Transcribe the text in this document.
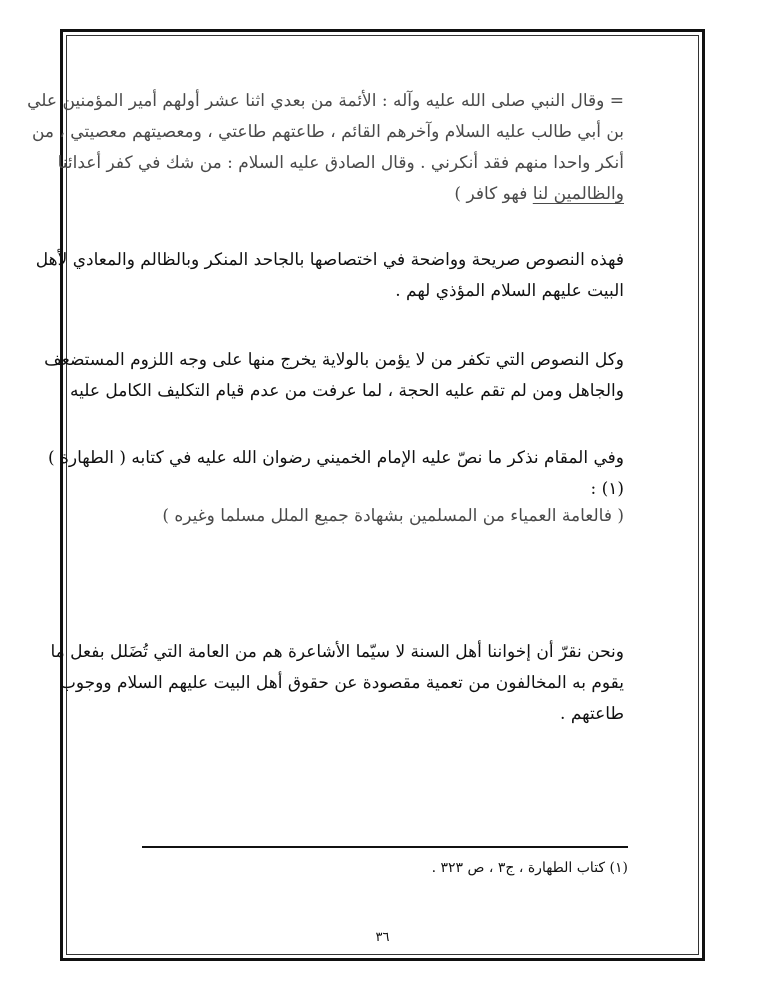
= وقال النبي صلى الله عليه وآله : الأئمة من بعدي اثنا عشر أولهم أمير المؤمنين علي
بن أبي طالب عليه السلام وآخرهم القائم ، طاعتهم طاعتي ، ومعصيتهم معصيتي ، من
أنكر واحدا منهم فقد أنكرني . وقال الصادق عليه السلام : من شك في كفر أعدائنا
والظالمين لنا فهو كافر )
فهذه النصوص صريحة وواضحة في اختصاصها بالجاحد المنكر وبالظالم والمعادي لأهل
البيت عليهم السلام المؤذي لهم .
وكل النصوص التي تكفر من لا يؤمن بالولاية يخرج منها على وجه اللزوم المستضعف
والجاهل ومن لم تقم عليه الحجة ، لما عرفت من عدم قيام التكليف الكامل عليه .
وفي المقام نذكر ما نصّ عليه الإمام الخميني رضوان الله عليه في كتابه ( الطهارة )
(١) :
( فالعامة العمياء من المسلمين بشهادة جميع الملل مسلما وغيره )
ونحن نقرّ أن إخواننا أهل السنة لا سيّما الأشاعرة هم من العامة التي تُضَلل بفعل ما
يقوم به المخالفون من تعمية مقصودة عن حقوق أهل البيت عليهم السلام ووجوب
طاعتهم .
(١) كتاب الطهارة ، ج٣ ، ص ٣٢٣ .
٣٦
